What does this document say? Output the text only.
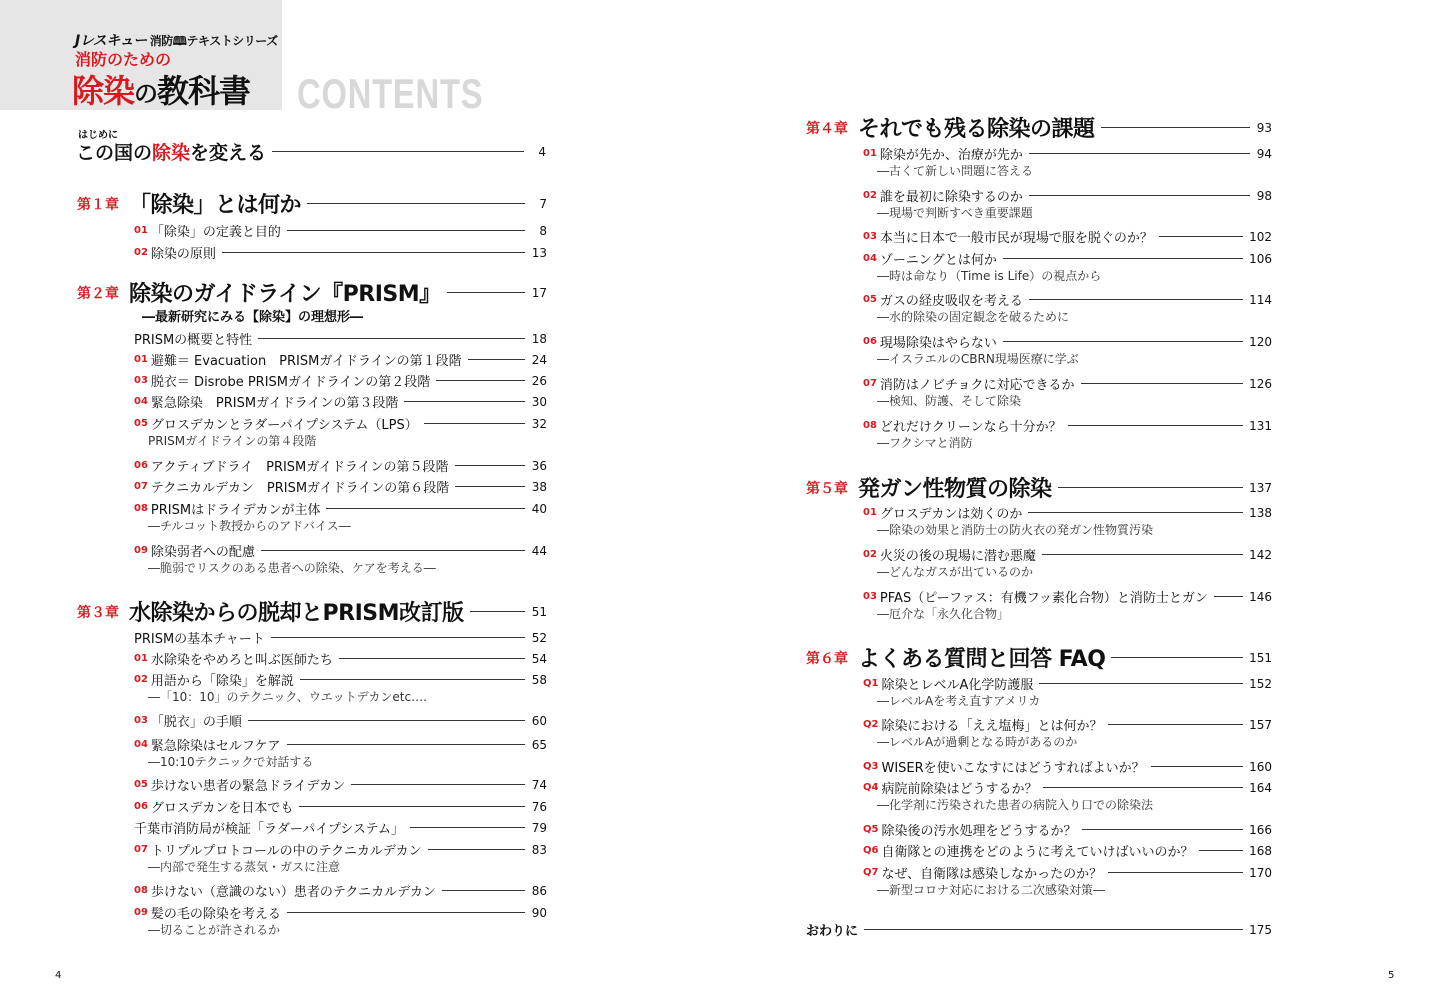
Jレスキュー 消防🕮テキストシリーズ
消防のための
除染の教科書 CONTENTS
はじめに
この国の除染を変える	4
第１章 「除染」とは何か	7
第２章 除染のガイドライン『PRISM』	17
―最新研究にみる【除染】の理想形―
第３章 水除染からの脱却とPRISM改訂版	51
01 「除染」の定義と目的	8
02 除染の原則	13
PRISMの概要と特性	18
01 避難＝ Evacuation　PRISMガイドラインの第１段階	24
03 脱衣＝ Disrobe PRISMガイドラインの第２段階	26
04 緊急除染　PRISMガイドラインの第３段階	30
05 グロスデカンとラダーパイプシステム（LPS）	32
PRISMガイドラインの第４段階
06 アクティブドライ　PRISMガイドラインの第５段階	36
07 テクニカルデカン　PRISMガイドラインの第６段階	38
08 PRISMはドライデカンが主体	40
―チルコット教授からのアドバイス―
09 除染弱者への配慮	44
―脆弱でリスクのある患者への除染、ケアを考える―
PRISMの基本チャート	52
01 水除染をやめろと叫ぶ医師たち	54
02 用語から「除染」を解説	58
―「10：10」のテクニック、ウエットデカンetc….
03 「脱衣」の手順	60
04 緊急除染はセルフケア	65
―10:10テクニックで対話する
05 歩けない患者の緊急ドライデカン	74
06 グロスデカンを日本でも	76
千葉市消防局が検証「ラダーパイプシステム」	79
07 トリプルプロトコールの中のテクニカルデカン	83
―内部で発生する蒸気・ガスに注意
08 歩けない（意識のない）患者のテクニカルデカン	86
09 髪の毛の除染を考える	90
―切ることが許されるか
第４章 それでも残る除染の課題	93
第５章 発ガン性物質の除染	137
第６章 よくある質問と回答 FAQ	151
01 除染が先か、治療が先か	94
―古くて新しい問題に答える
02 誰を最初に除染するのか	98
―現場で判断すべき重要課題
03 本当に日本で一般市民が現場で服を脱ぐのか？	102
04 ゾーニングとは何か	106
―時は命なり（Time is Life）の視点から
05 ガスの経皮吸収を考える	114
―水的除染の固定観念を破るために
06 現場除染はやらない	120
―イスラエルのCBRN現場医療に学ぶ
07 消防はノビチョクに対応できるか	126
―検知、防護、そして除染
08 どれだけクリーンなら十分か？	131
―フクシマと消防
01 グロスデカンは効くのか	138
―除染の効果と消防士の防火衣の発ガン性物質汚染
02 火災の後の現場に潜む悪魔	142
―どんなガスが出ているのか
03 PFAS（ピーファス：有機フッ素化合物）と消防士とガン	146
―厄介な「永久化合物」
Q1 除染とレベルA化学防護服	152
―レベルAを考え直すアメリカ
Q2 除染における「ええ塩梅」とは何か？	157
―レベルAが過剰となる時があるのか
Q3 WISERを使いこなすにはどうすればよいか？	160
Q4 病院前除染はどうするか？	164
―化学剤に汚染された患者の病院入り口での除染法
Q5 除染後の汚水処理をどうするか？	166
Q6 自衛隊との連携をどのように考えていけばいいのか？	168
Q7 なぜ、自衛隊は感染しなかったのか？	170
―新型コロナ対応における二次感染対策―
おわりに	175
4	5
